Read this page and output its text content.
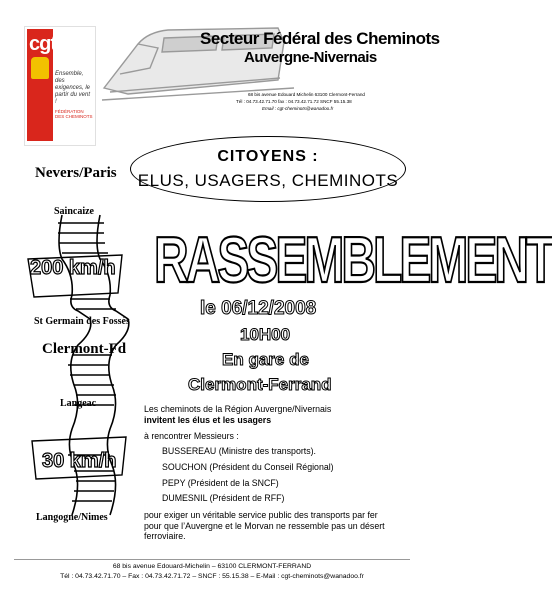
cgt
Ensemble, des exigences, le partir du vent !
FÉDÉRATION DES CHEMINOTS
Secteur Fédéral des Cheminots
Auvergne-Nivernais
68 bis avenue Edouard Michelin 63100 Clermont-Ferrand
Tél : 04.73.42.71.70 fax : 04.73.42.71.72 SNCF 55.15.38
Email : cgt-cheminots@wanadoo.fr
CITOYENS :
ELUS, USAGERS, CHEMINOTS
Nevers/Paris
Saincaize
200 km/h
St Germain des Fossés
Clermont-Fd
Langeac
30 km/h
Langogne/Nimes
RASSEMBLEMENT
le 06/12/2008
10H00
En gare de
Clermont-Ferrand
Les cheminots de la Région Auvergne/Nivernais
invitent les élus et les usagers
à rencontrer Messieurs :
BUSSEREAU (Ministre des transports).
SOUCHON (Président du Conseil Régional)
PEPY (Président de la SNCF)
DUMESNIL (Président de RFF)
pour exiger un véritable service public des transports par fer pour que l’Auvergne et le Morvan ne ressemble pas un désert ferroviaire.
68 bis avenue Edouard-Michelin – 63100 CLERMONT-FERRAND
Tél : 04.73.42.71.70 – Fax : 04.73.42.71.72 – SNCF : 55.15.38 – E-Mail : cgt-cheminots@wanadoo.fr
